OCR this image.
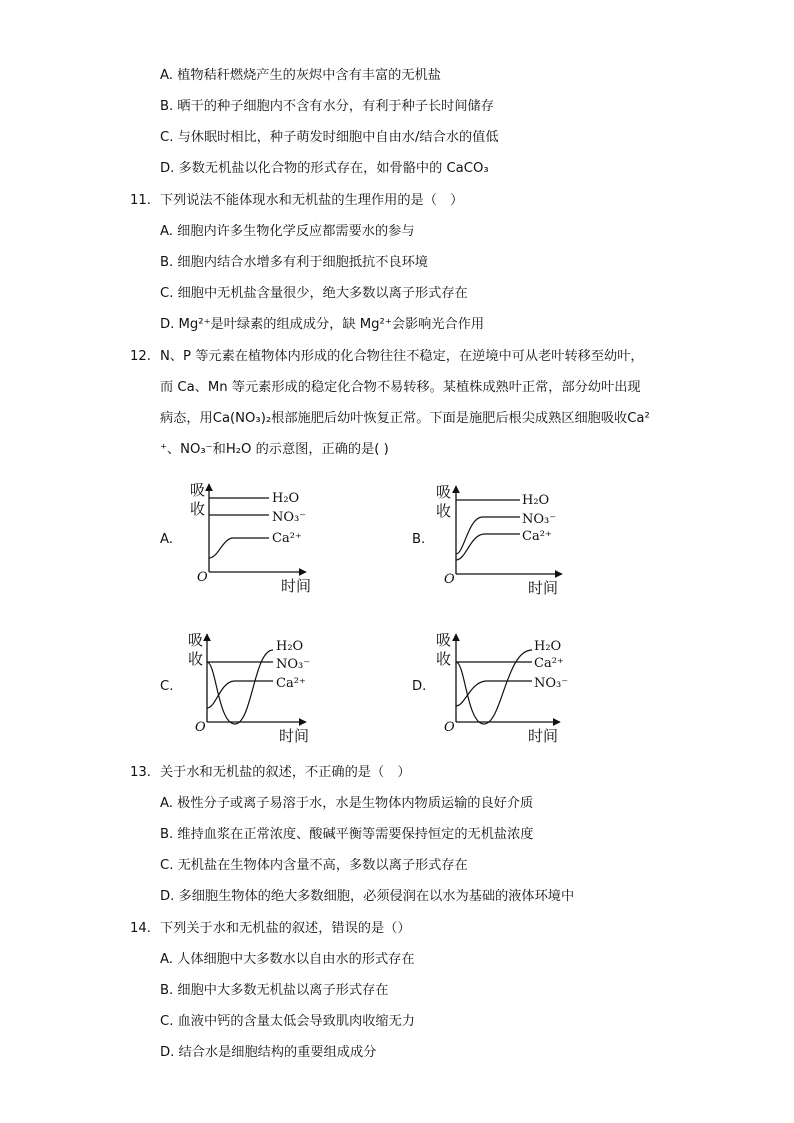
A. 植物秸秆燃烧产生的灰烬中含有丰富的无机盐
B. 晒干的种子细胞内不含有水分，有利于种子长时间储存
C. 与休眠时相比，种子萌发时细胞中自由水/结合水的值低
D. 多数无机盐以化合物的形式存在，如骨骼中的 CaCO₃
11. 下列说法不能体现水和无机盐的生理作用的是（　）
A. 细胞内许多生物化学反应都需要水的参与
B. 细胞内结合水增多有利于细胞抵抗不良环境
C. 细胞中无机盐含量很少，绝大多数以离子形式存在
D. Mg²⁺是叶绿素的组成成分，缺 Mg²⁺会影响光合作用
12. N、P 等元素在植物体内形成的化合物往往不稳定，在逆境中可从老叶转移至幼叶，
而 Ca、Mn 等元素形成的稳定化合物不易转移。某植株成熟叶正常，部分幼叶出现
病态，用Ca(NO₃)₂根部施肥后幼叶恢复正常。下面是施肥后根尖成熟区细胞吸收Ca²
⁺、NO₃⁻和H₂O 的示意图，正确的是( )
A.	B.
C.	D.
吸
收
O	时间
H₂O
NO₃⁻
Ca²⁺
吸
收
O	时间
H₂O
NO₃⁻
Ca²⁺
吸
收
O	时间
H₂O
NO₃⁻
Ca²⁺
吸
收
O	时间
H₂O
Ca²⁺
NO₃⁻
13. 关于水和无机盐的叙述，不正确的是（　）
A. 极性分子或离子易溶于水，水是生物体内物质运输的良好介质
B. 维持血浆在正常浓度、酸碱平衡等需要保持恒定的无机盐浓度
C. 无机盐在生物体内含量不高，多数以离子形式存在
D. 多细胞生物体的绝大多数细胞，必须侵润在以水为基础的液体环境中
14. 下列关于水和无机盐的叙述，错误的是（）
A. 人体细胞中大多数水以自由水的形式存在
B. 细胞中大多数无机盐以离子形式存在
C. 血液中钙的含量太低会导致肌肉收缩无力
D. 结合水是细胞结构的重要组成成分
